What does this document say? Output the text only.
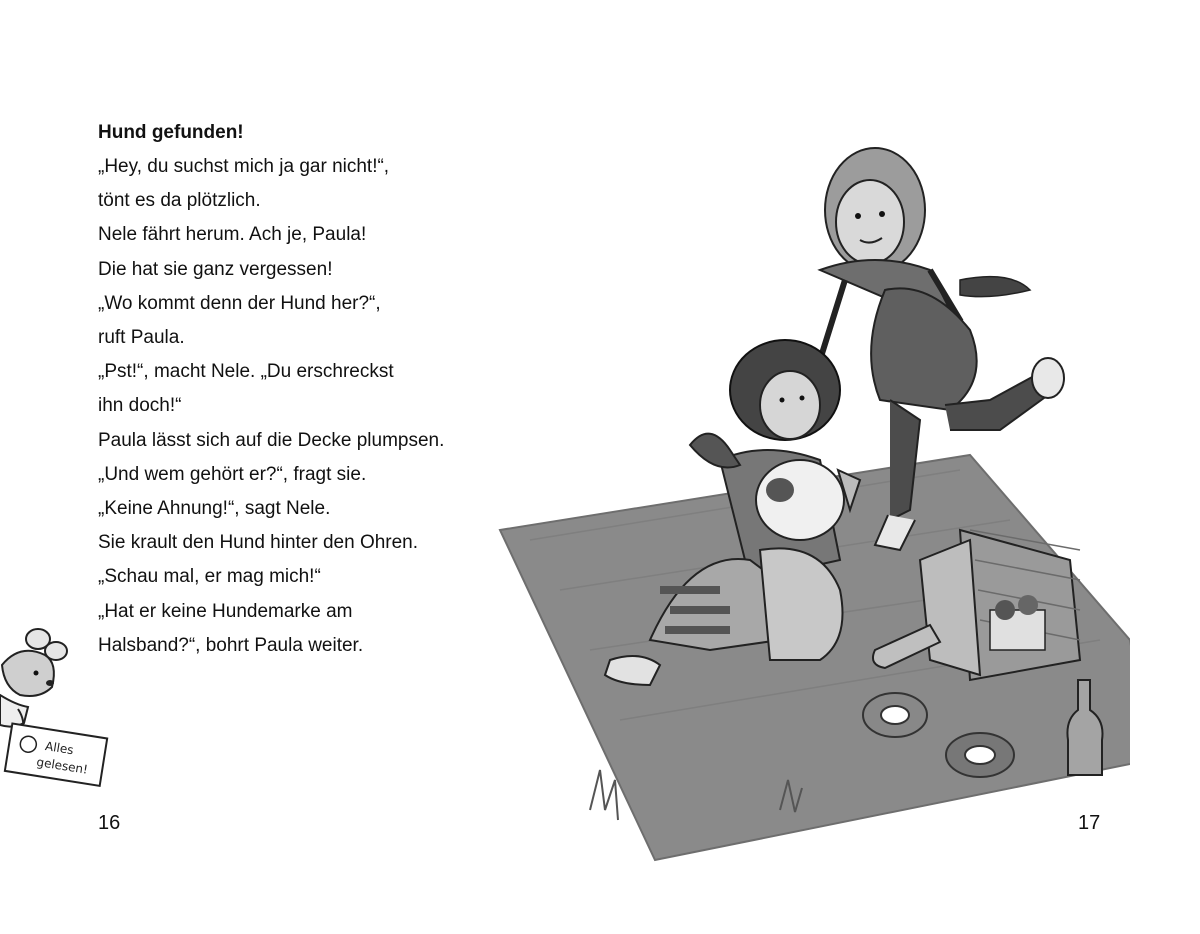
Hund gefunden!

„Hey, du suchst mich ja gar nicht!“,

tönt es da plötzlich.

Nele fährt herum. Ach je, Paula!

Die hat sie ganz vergessen!

„Wo kommt denn der Hund her?“,

ruft Paula.

„Pst!“, macht Nele. „Du erschreckst

ihn doch!“

Paula lässt sich auf die Decke plumpsen.

„Und wem gehört er?“, fragt sie.

„Keine Ahnung!“, sagt Nele.

Sie krault den Hund hinter den Ohren.

„Schau mal, er mag mich!“

„Hat er keine Hundemarke am

Halsband?“, bohrt Paula weiter.

Alles
gelesen!
16	17
